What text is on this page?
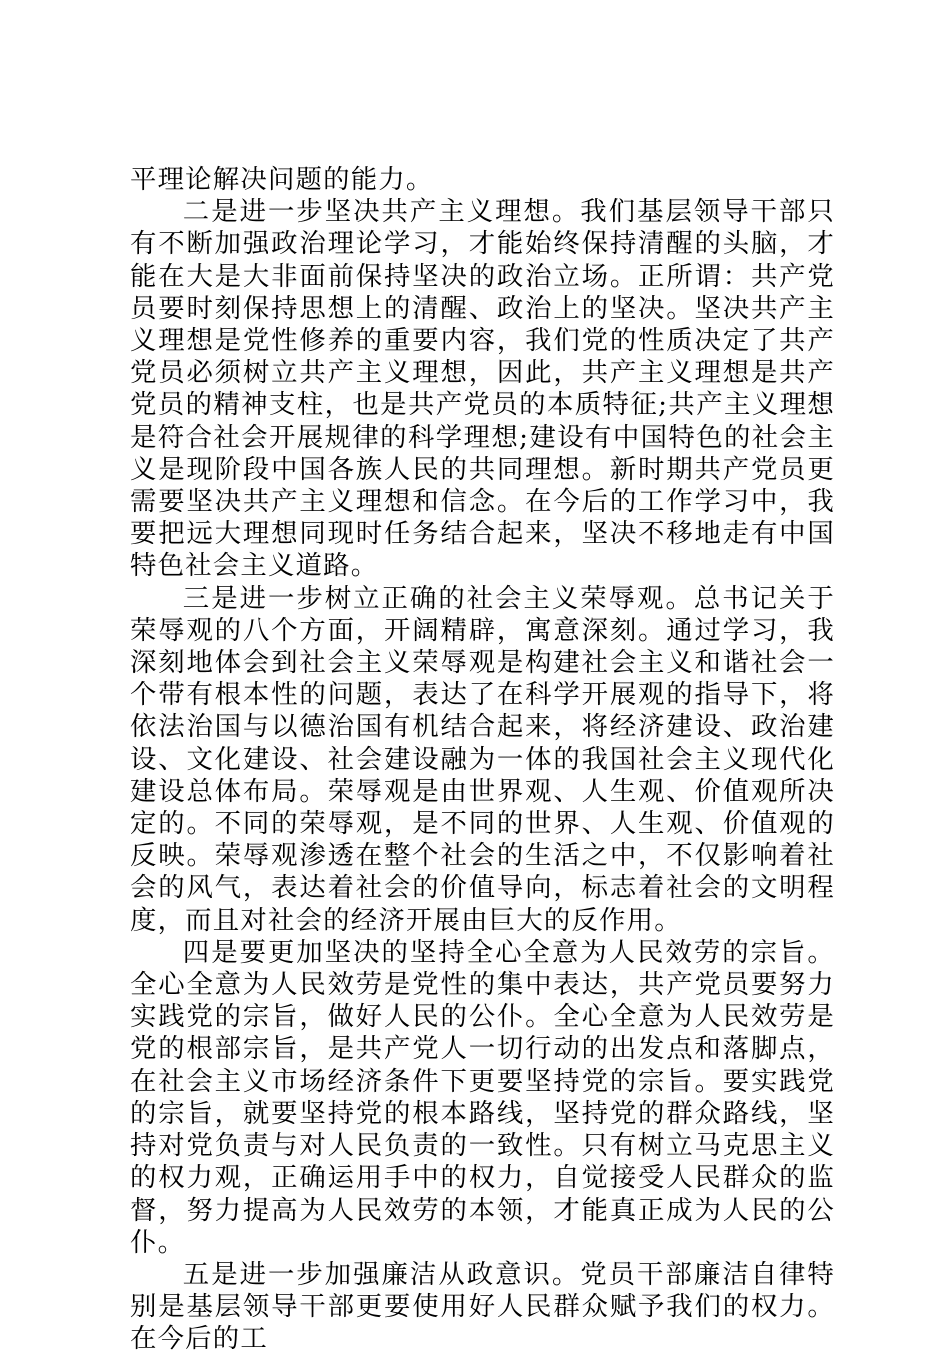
平理论解决问题的能力。

二是进一步坚决共产主义理想。我们基层领导干部只有不断加强政治理论学习，才能始终保持清醒的头脑，才能在大是大非面前保持坚决的政治立场。正所谓：共产党员要时刻保持思想上的清醒、政治上的坚决。坚决共产主义理想是党性修养的重要内容，我们党的性质决定了共产党员必须树立共产主义理想，因此，共产主义理想是共产党员的精神支柱，也是共产党员的本质特征;共产主义理想是符合社会开展规律的科学理想;建设有中国特色的社会主义是现阶段中国各族人民的共同理想。新时期共产党员更需要坚决共产主义理想和信念。在今后的工作学习中，我要把远大理想同现时任务结合起来，坚决不移地走有中国特色社会主义道路。

三是进一步树立正确的社会主义荣辱观。总书记关于荣辱观的八个方面，开阔精辟，寓意深刻。通过学习，我深刻地体会到社会主义荣辱观是构建社会主义和谐社会一个带有根本性的问题，表达了在科学开展观的指导下，将依法治国与以德治国有机结合起来，将经济建设、政治建设、文化建设、社会建设融为一体的我国社会主义现代化建设总体布局。荣辱观是由世界观、人生观、价值观所决定的。不同的荣辱观，是不同的世界、人生观、价值观的反映。荣辱观渗透在整个社会的生活之中，不仅影响着社会的风气，表达着社会的价值导向，标志着社会的文明程度，而且对社会的经济开展由巨大的反作用。

四是要更加坚决的坚持全心全意为人民效劳的宗旨。全心全意为人民效劳是党性的集中表达，共产党员要努力实践党的宗旨，做好人民的公仆。全心全意为人民效劳是党的根部宗旨，是共产党人一切行动的出发点和落脚点，在社会主义市场经济条件下更要坚持党的宗旨。要实践党的宗旨，就要坚持党的根本路线，坚持党的群众路线，坚持对党负责与对人民负责的一致性。只有树立马克思主义的权力观，正确运用手中的权力，自觉接受人民群众的监督，努力提高为人民效劳的本领，才能真正成为人民的公仆。

五是进一步加强廉洁从政意识。党员干部廉洁自律特别是基层领导干部更要使用好人民群众赋予我们的权力。在今后的工
